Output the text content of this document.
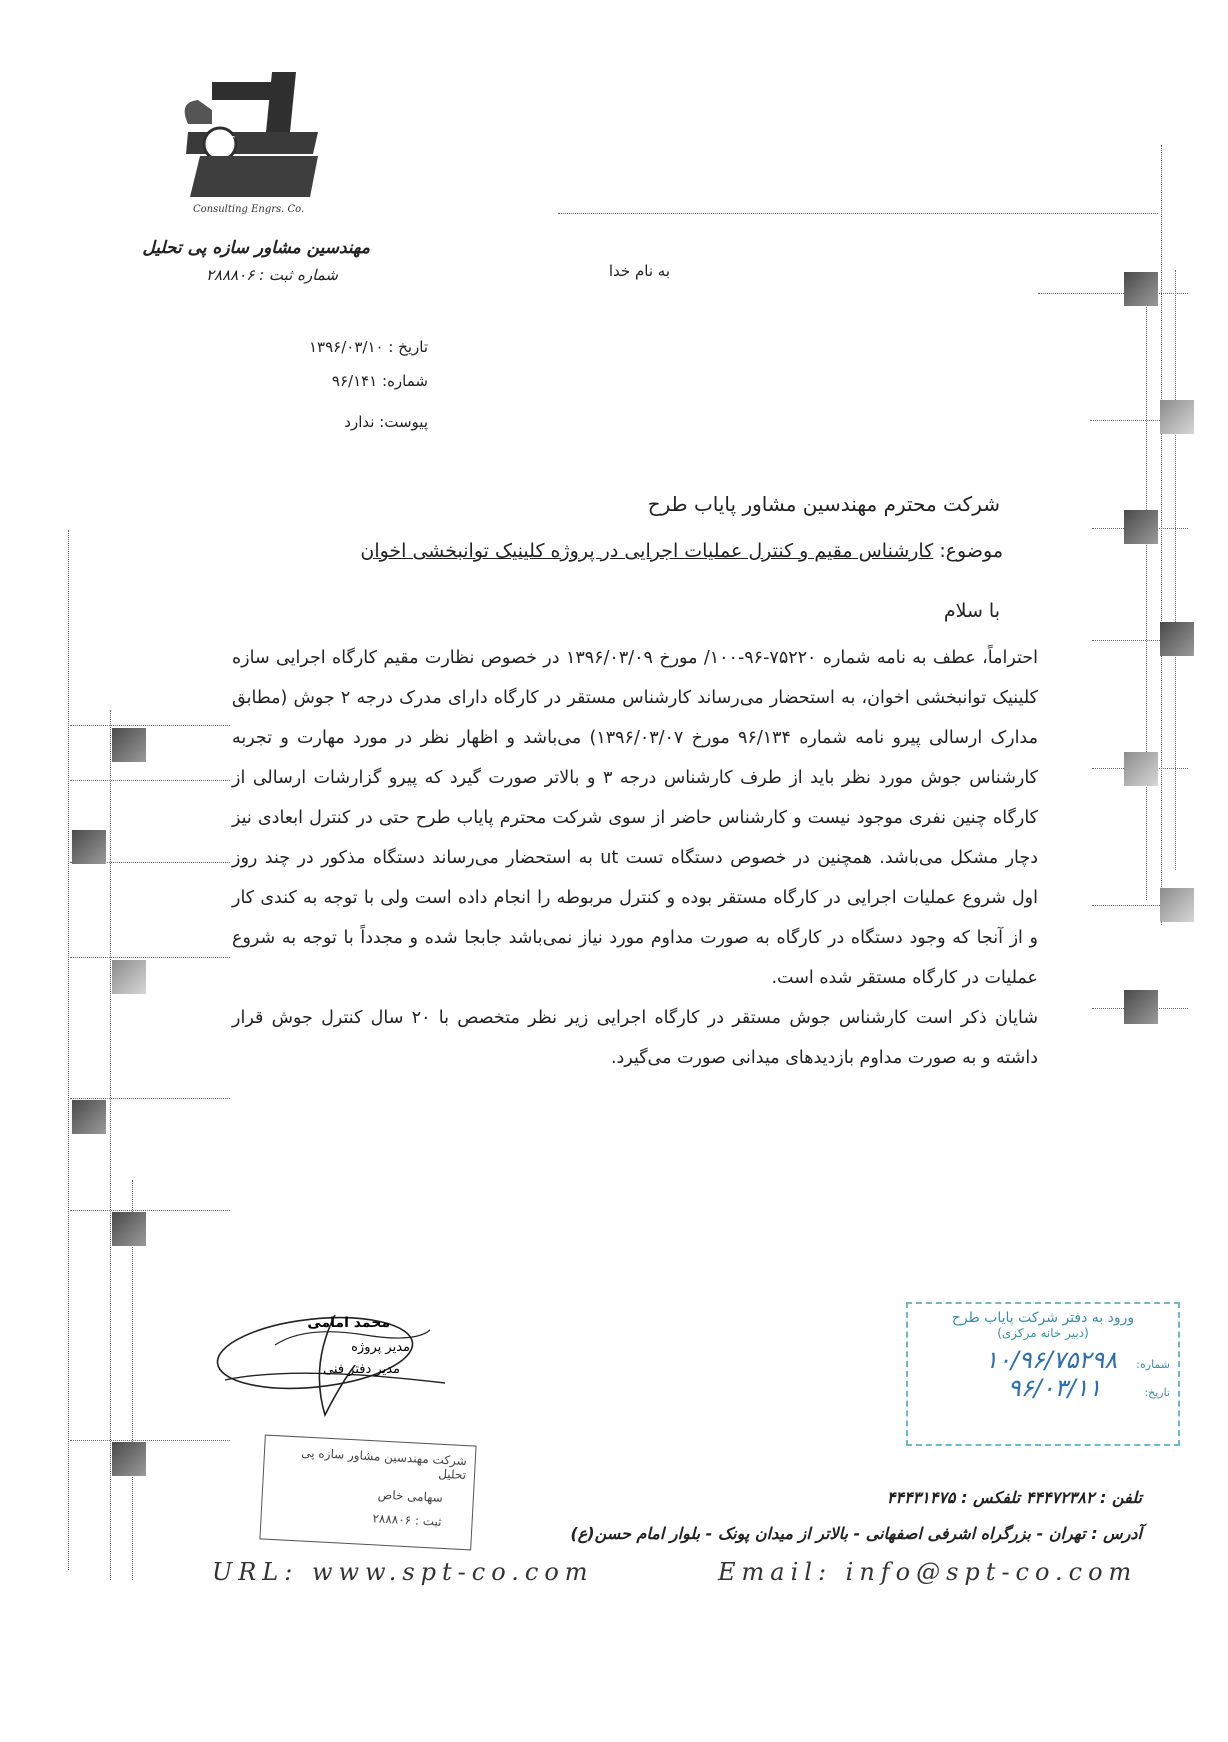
S.P.T
Consulting Engrs. Co.
مهندسین مشاور سازه پی تحلیل
شماره ثبت : ۲۸۸۸۰۶	به نام خدا
تاریخ : ۱۳۹۶/۰۳/۱۰
شماره: ۹۶/۱۴۱
پیوست: ندارد
شرکت محترم مهندسین مشاور پایاب طرح
موضوع: کارشناس مقیم و کنترل عملیات اجرایی در پروژه کلینیک توانبخشی اخوان
با سلام

احتراماً، عطف به نامه شماره ۷۵۲۲۰-۹۶-۱۰۰/ مورخ ۱۳۹۶/۰۳/۰۹ در خصوص نظارت مقیم کارگاه اجرایی سازه کلینیک توانبخشی اخوان، به استحضار می‌رساند کارشناس مستقر در کارگاه دارای مدرک درجه ۲ جوش (مطابق مدارک ارسالی پیرو نامه شماره ۹۶/۱۳۴ مورخ ۱۳۹۶/۰۳/۰۷) می‌باشد و اظهار نظر در مورد مهارت و تجربه کارشناس جوش مورد نظر باید از طرف کارشناس درجه ۳ و بالاتر صورت گیرد که پیرو گزارشات ارسالی از کارگاه چنین نفری موجود نیست و کارشناس حاضر از سوی شرکت محترم پایاب طرح حتی در کنترل ابعادی نیز دچار مشکل می‌باشد. همچنین در خصوص دستگاه تست ut به استحضار می‌رساند دستگاه مذکور در چند روز اول شروع عملیات اجرایی در کارگاه مستقر بوده و کنترل مربوطه را انجام داده است ولی با توجه به کندی کار و از آنجا که وجود دستگاه در کارگاه به صورت مداوم مورد نیاز نمی‌باشد جابجا شده و مجدداً با توجه به شروع عملیات در کارگاه مستقر شده است.

شایان ذکر است کارشناس جوش مستقر در کارگاه اجرایی زیر نظر متخصص با ۲۰ سال کنترل جوش قرار داشته و به صورت مداوم بازدیدهای میدانی صورت می‌گیرد.

محمد امامی
مدیر پروژه
مدیر دفتر فنی
ورود به دفتر شرکت پایاب طرح
(دبیر خانه مرکزی)
شماره: ۱۰/۹۶/۷۵۲۹۸
تاریخ: ۹۶/۰۳/۱۱
شرکت مهندسین مشاور سازه پی تحلیل
سهامی خاص
ثبت : ۲۸۸۸۰۶
تلفن : ۴۴۴۷۲۳۸۲ تلفکس : ۴۴۴۳۱۴۷۵
آدرس : تهران - بزرگراه اشرفی اصفهانی - بالاتر از میدان پونک - بلوار امام حسن(ع)
URL: www.spt-co.com	Email: info@spt-co.com
